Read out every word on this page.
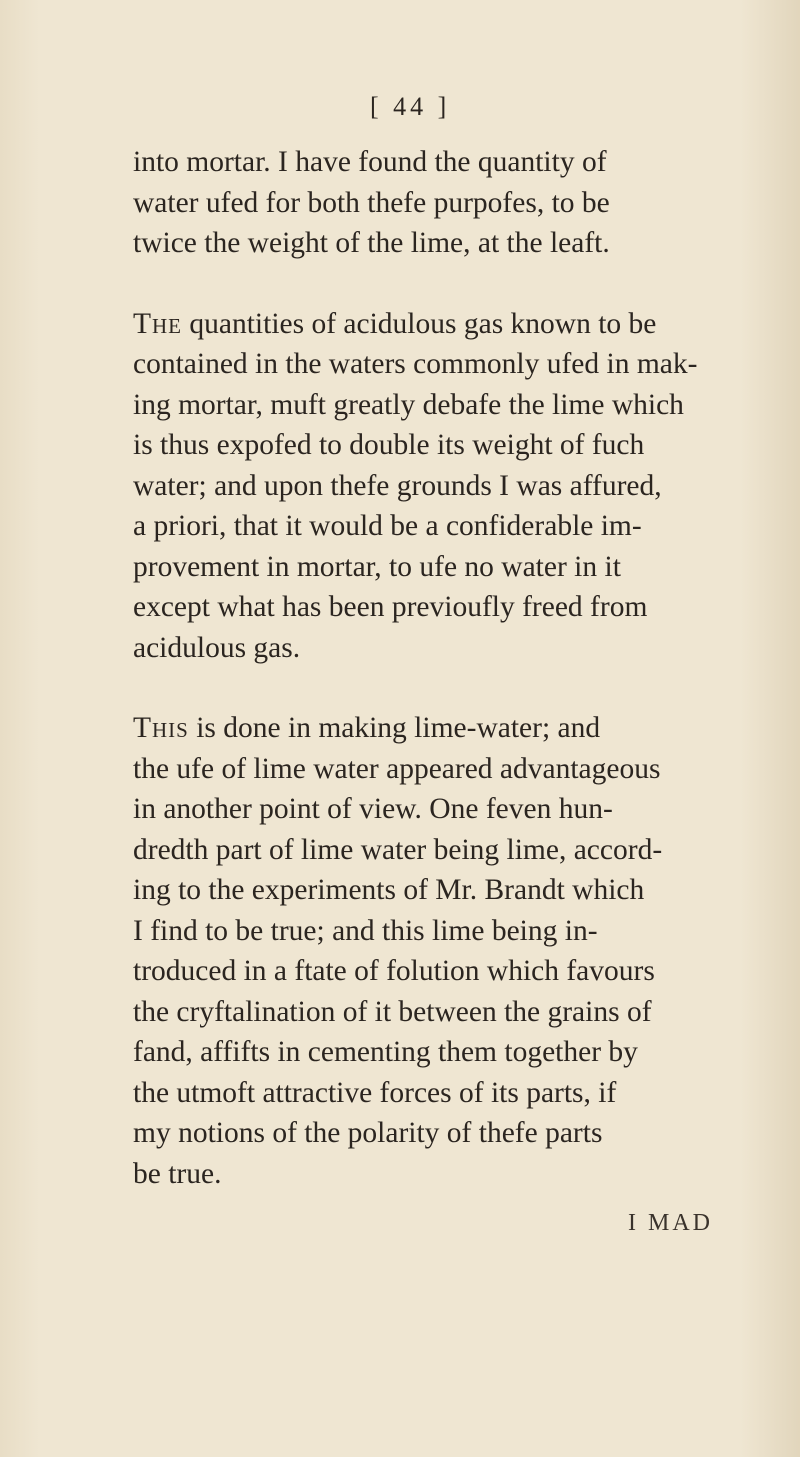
[ 44 ]
into mortar. I have found the quantity of
water ufed for both thefe purpofes, to be
twice the weight of the lime, at the leaft.
The quantities of acidulous gas known to be
contained in the waters commonly ufed in mak-
ing mortar, muft greatly debafe the lime which
is thus expofed to double its weight of fuch
water; and upon thefe grounds I was affured,
a priori, that it would be a confiderable im-
provement in mortar, to ufe no water in it
except what has been previoufly freed from
acidulous gas.
This is done in making lime-water; and
the ufe of lime water appeared advantageous
in another point of view. One feven hun-
dredth part of lime water being lime, accord-
ing to the experiments of Mr. Brandt which
I find to be true; and this lime being in-
troduced in a ftate of folution which favours
the cryftalination of it between the grains of
fand, affifts in cementing them together by
the utmoft attractive forces of its parts, if
my notions of the polarity of thefe parts
be true.
I MAD
